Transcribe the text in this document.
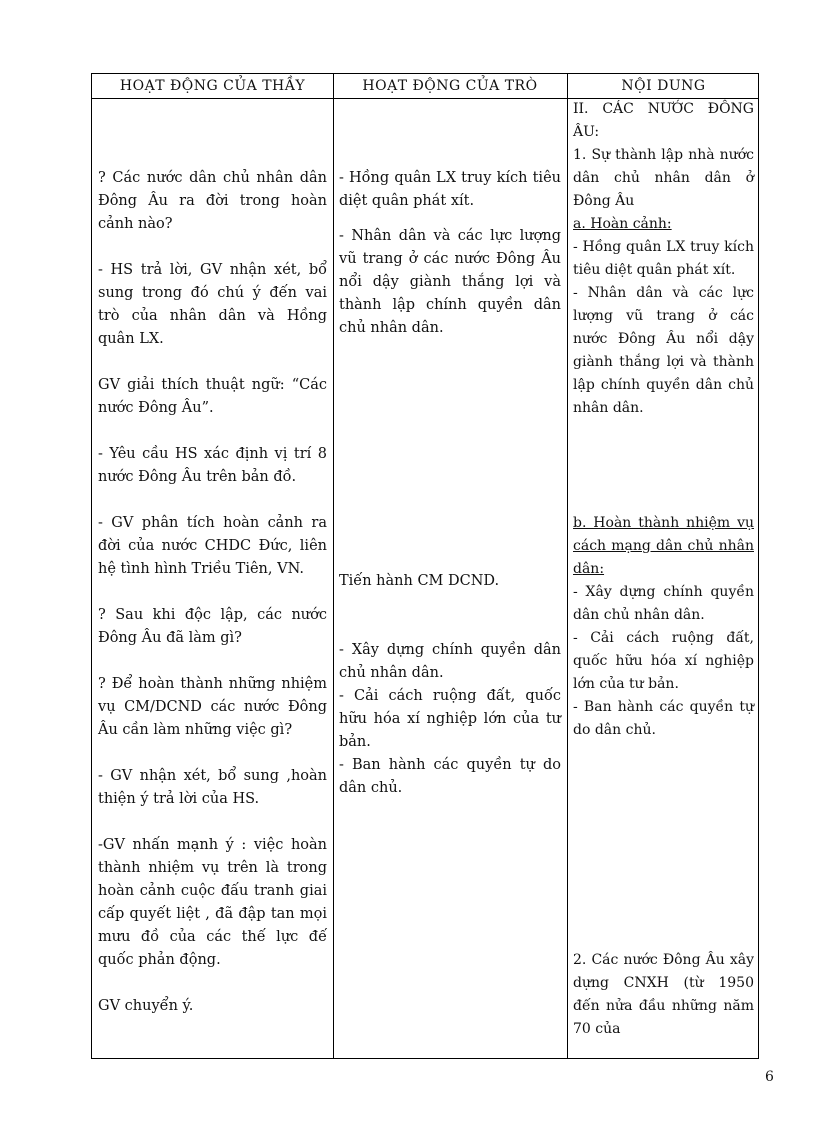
HOẠT ĐỘNG CỦA THẦY	HOẠT ĐỘNG CỦA TRÒ	NỘI DUNG

? Các nước dân chủ nhân dân Đông Âu ra đời trong hoàn cảnh nào?

- HS trả lời, GV nhận xét, bổ sung trong đó chú ý đến vai trò của nhân dân và Hồng quân LX.

GV giải thích thuật ngữ: “Các nước Đông Âu”.

- Yêu cầu HS xác định vị trí 8 nước Đông Âu trên bản đồ.

- GV phân tích hoàn cảnh ra đời của nước CHDC Đức, liên hệ tình hình Triều Tiên, VN.

? Sau khi độc lập, các nước Đông Âu đã làm gì?

? Để hoàn thành những nhiệm vụ CM/DCND các nước Đông Âu cần làm những việc gì?

- GV nhận xét, bổ sung ,hoàn thiện ý trả lời của HS.

-GV nhấn mạnh ý : việc hoàn thành nhiệm vụ trên là trong hoàn cảnh cuộc đấu tranh giai cấp quyết liệt , đã đập tan mọi mưu đồ của các thế lực đế quốc phản động.

GV chuyển ý.

- Hồng quân LX truy kích tiêu diệt quân phát xít.

- Nhân dân và các lực lượng vũ trang ở các nước Đông Âu nổi dậy giành thắng lợi và thành lập chính quyền dân chủ nhân dân.

Tiến hành CM DCND.

- Xây dựng chính quyền dân chủ nhân dân.

- Cải cách ruộng đất, quốc hữu hóa xí nghiệp lớn của tư bản.

- Ban hành các quyền tự do dân chủ.

II. CÁC NƯỚC ĐÔNG ÂU:

1. Sự thành lập nhà nước dân chủ nhân dân ở Đông Âu

a. Hoàn cảnh:

- Hồng quân LX truy kích tiêu diệt quân phát xít.

- Nhân dân và các lực lượng vũ trang ở các nước Đông Âu nổi dậy giành thắng lợi và thành lập chính quyền dân chủ nhân dân.

b. Hoàn thành nhiệm vụ cách mạng dân chủ nhân dân:

- Xây dựng chính quyền dân chủ nhân dân.

- Cải cách ruộng đất, quốc hữu hóa xí nghiệp lớn của tư bản.

- Ban hành các quyền tự do dân chủ.

2. Các nước Đông Âu xây dựng CNXH (từ 1950 đến nửa đầu những năm 70 của

6
